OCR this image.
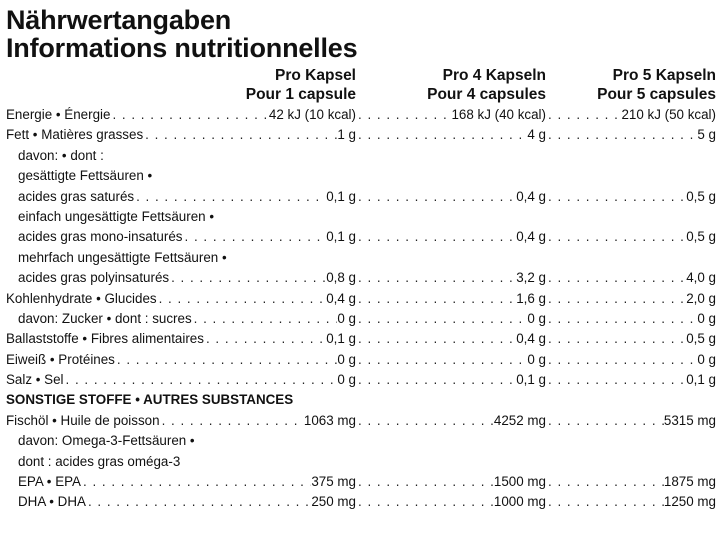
Nährwertangaben
Informations nutritionnelles
Pro Kapsel
Pour 1 capsule
Pro 4 Kapseln
Pour 4 capsules
Pro 5 Kapseln
Pour 5 capsules
Energie • Énergie . . .	42 kJ (10 kcal) . . .	168 kJ (40 kcal) . . .	210 kJ (50 kcal)
Fett • Matières grasses . . .	1 g . . .	4 g . . .	5 g
davon: • dont :
gesättigte Fettsäuren •
acides gras saturés . . .	0,1 g . . .	0,4 g . . .	0,5 g
einfach ungesättigte Fettsäuren •
acides gras mono-insaturés . . .	0,1 g . . .	0,4 g . . .	0,5 g
mehrfach ungesättigte Fettsäuren •
acides gras polyinsaturés . . .	0,8 g . . .	3,2 g . . .	4,0 g
Kohlenhydrate • Glucides . . .	0,4 g . . .	1,6 g . . .	2,0 g
davon: Zucker • dont : sucres . . .	0 g . . .	0 g . . .	0 g
Ballaststoffe • Fibres alimentaires . . .	0,1 g . . .	0,4 g . . .	0,5 g
Eiweiß • Protéines . . .	0 g . . .	0 g . . .	0 g
Salz • Sel . . .	0 g . . .	0,1 g . . .	0,1 g
SONSTIGE STOFFE • AUTRES SUBSTANCES
Fischöl • Huile de poisson . . .	1063 mg . . .	4252 mg . . .	5315 mg
davon: Omega-3-Fettsäuren •
dont : acides gras oméga-3
EPA • EPA . . .	375 mg . . .	1500 mg . . .	1875 mg
DHA • DHA . . .	250 mg . . .	1000 mg . . .	1250 mg
